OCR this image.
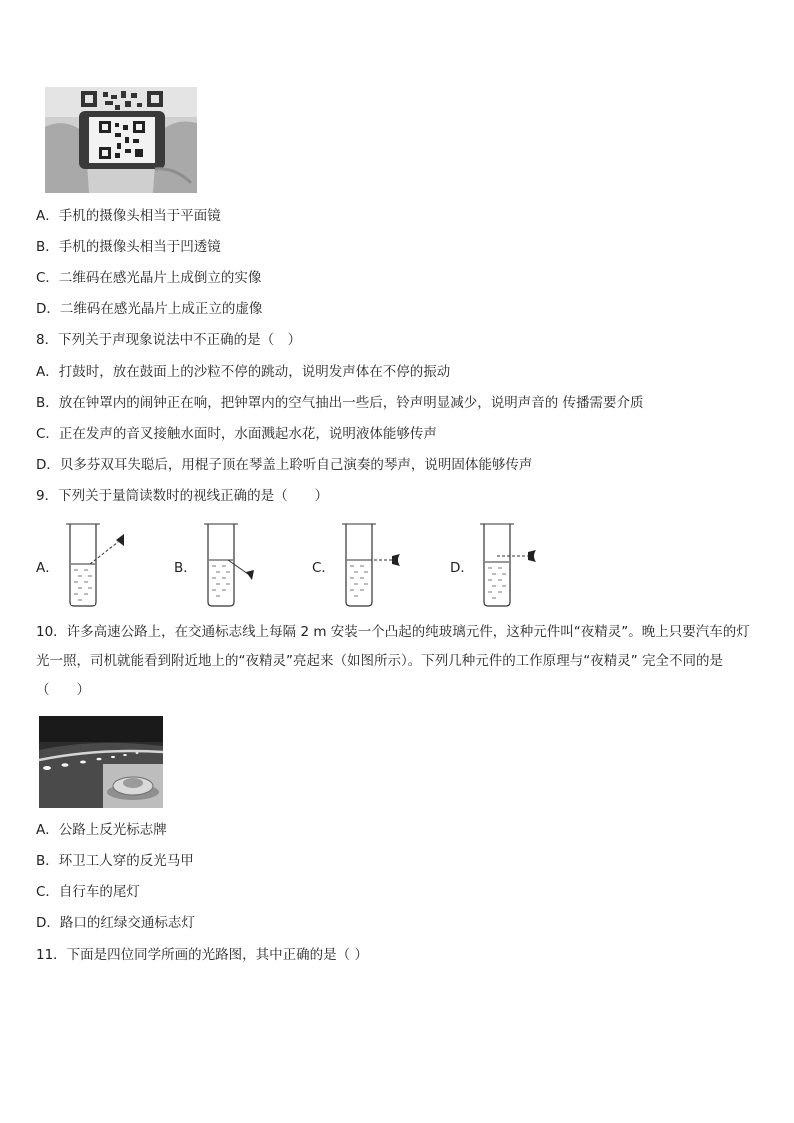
A．手机的摄像头相当于平面镜
B．手机的摄像头相当于凹透镜
C．二维码在感光晶片上成倒立的实像
D．二维码在感光晶片上成正立的虚像
8．下列关于声现象说法中不正确的是（　）
A．打鼓时，放在鼓面上的沙粒不停的跳动，说明发声体在不停的振动
B．放在钟罩内的闹钟正在响，把钟罩内的空气抽出一些后，铃声明显减少，说明声音的 传播需要介质
C．正在发声的音叉接触水面时，水面溅起水花，说明液体能够传声
D．贝多芬双耳失聪后，用棍子顶在琴盖上聆听自己演奏的琴声，说明固体能够传声
9．下列关于量筒读数时的视线正确的是（　　）
A．	B．	C．	D．
10．许多高速公路上，在交通标志线上每隔 2 m 安装一个凸起的纯玻璃元件，这种元件叫“夜精灵”。晚上只要汽车的灯光一照，司机就能看到附近地上的“夜精灵”亮起来（如图所示）。下列几种元件的工作原理与“夜精灵” 完全不同的是（　　）
A．公路上反光标志牌
B．环卫工人穿的反光马甲
C．自行车的尾灯
D．路口的红绿交通标志灯
11．下面是四位同学所画的光路图，其中正确的是（ ）
